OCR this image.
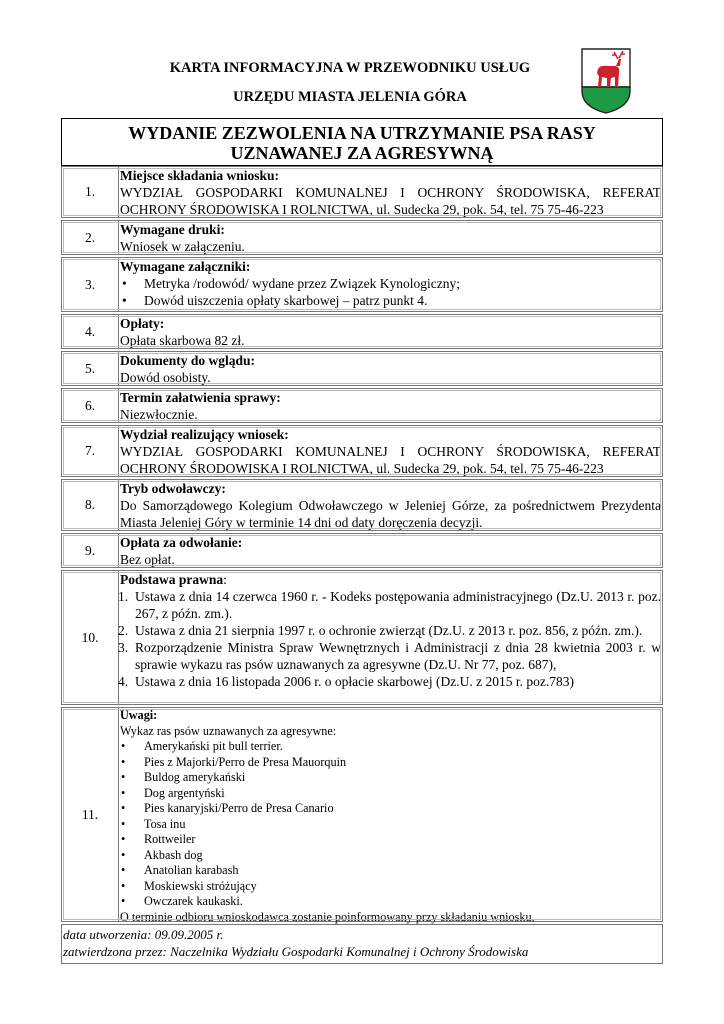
KARTA INFORMACYJNA W PRZEWODNIKU USŁUG
URZĘDU MIASTA JELENIA GÓRA
WYDANIE ZEZWOLENIA NA UTRZYMANIE PSA RASY
UZNAWANEJ ZA AGRESYWNĄ
1.
Miejsce składania wniosku:
WYDZIAŁ GOSPODARKI KOMUNALNEJ I OCHRONY ŚRODOWISKA, REFERAT OCHRONY ŚRODOWISKA I ROLNICTWA, ul. Sudecka 29, pok. 54, tel. 75 75-46-223
2.	Wymagane druki:
Wniosek w załączeniu.
3.
Wymagane załączniki:
• Metryka /rodowód/ wydane przez Związek Kynologiczny;
• Dowód uiszczenia opłaty skarbowej – patrz punkt 4.
4.	Opłaty:
Opłata skarbowa 82 zł.
5.	Dokumenty do wglądu:
Dowód osobisty.
6.	Termin załatwienia sprawy:
Niezwłocznie.
7.
Wydział realizujący wniosek:
WYDZIAŁ GOSPODARKI KOMUNALNEJ I OCHRONY ŚRODOWISKA, REFERAT OCHRONY ŚRODOWISKA I ROLNICTWA, ul. Sudecka 29, pok. 54, tel. 75 75-46-223
8.
Tryb odwoławczy:
Do Samorządowego Kolegium Odwoławczego w Jeleniej Górze, za pośrednictwem Prezydenta Miasta Jeleniej Góry w terminie 14 dni od daty doręczenia decyzji.
9.	Opłata za odwołanie:
Bez opłat.
10.
Podstawa prawna:
1. Ustawa z dnia 14 czerwca 1960 r. - Kodeks postępowania administracyjnego (Dz.U. 2013 r. poz. 267, z późn. zm.).
2. Ustawa z dnia 21 sierpnia 1997 r. o ochronie zwierząt (Dz.U. z 2013 r. poz. 856, z późn. zm.).
3. Rozporządzenie Ministra Spraw Wewnętrznych i Administracji z dnia 28 kwietnia 2003 r. w sprawie wykazu ras psów uznawanych za agresywne (Dz.U. Nr 77, poz. 687),
4. Ustawa z dnia 16 listopada 2006 r. o opłacie skarbowej (Dz.U. z 2015 r. poz.783)
11.
Uwagi:
Wykaz ras psów uznawanych za agresywne:
• Amerykański pit bull terrier.
• Pies z Majorki/Perro de Presa Mauorquin
• Buldog amerykański
• Dog argentyński
• Pies kanaryjski/Perro de Presa Canario
• Tosa inu
• Rottweiler
• Akbash dog
• Anatolian karabash
• Moskiewski stróżujący
• Owczarek kaukaski.
O terminie odbioru wnioskodawca zostanie poinformowany przy składaniu wniosku.
data utworzenia: 09.09.2005 r.
zatwierdzona przez: Naczelnika Wydziału Gospodarki Komunalnej i Ochrony Środowiska
